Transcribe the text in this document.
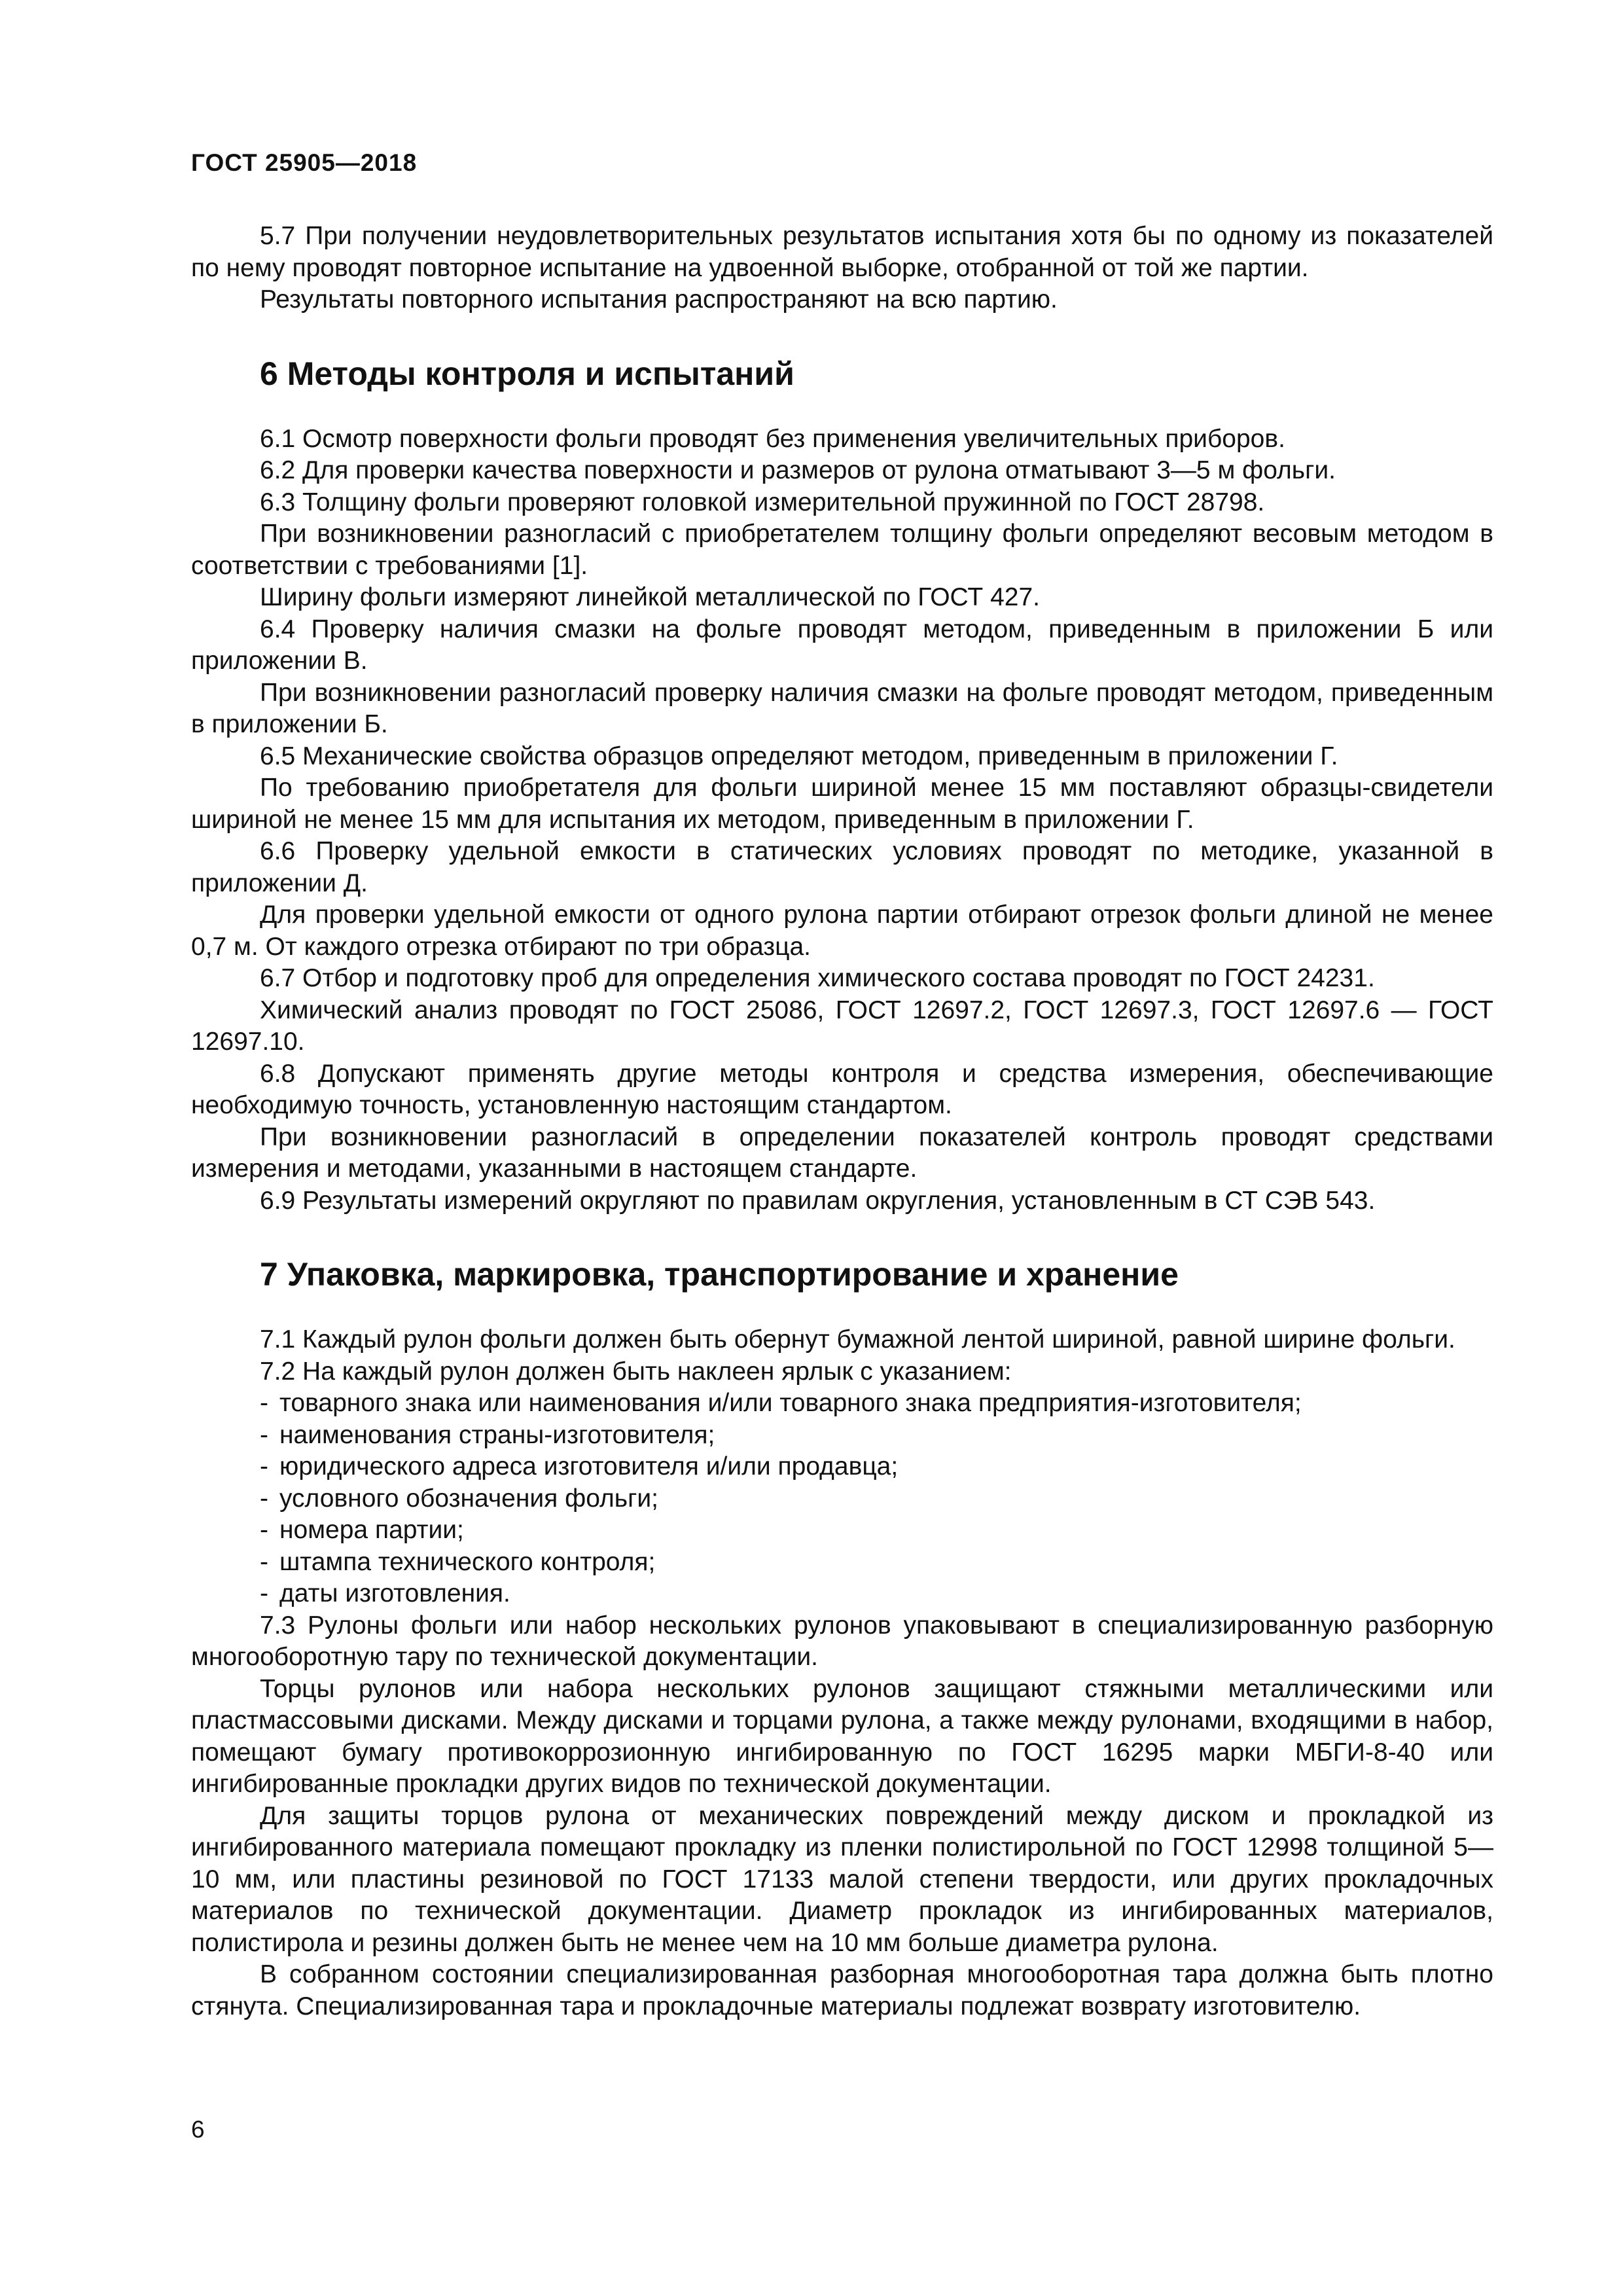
ГОСТ 25905—2018

5.7 При получении неудовлетворительных результатов испытания хотя бы по одному из показателей по нему проводят повторное испытание на удвоенной выборке, отобранной от той же партии.

Результаты повторного испытания распространяют на всю партию.

6 Методы контроля и испытаний

6.1 Осмотр поверхности фольги проводят без применения увеличительных приборов.

6.2 Для проверки качества поверхности и размеров от рулона отматывают 3—5 м фольги.

6.3 Толщину фольги проверяют головкой измерительной пружинной по ГОСТ 28798.

При возникновении разногласий с приобретателем толщину фольги определяют весовым методом в соответствии с требованиями [1].

Ширину фольги измеряют линейкой металлической по ГОСТ 427.

6.4 Проверку наличия смазки на фольге проводят методом, приведенным в приложении Б или приложении В.

При возникновении разногласий проверку наличия смазки на фольге проводят методом, приведенным в приложении Б.

6.5 Механические свойства образцов определяют методом, приведенным в приложении Г.

По требованию приобретателя для фольги шириной менее 15 мм поставляют образцы-свидетели шириной не менее 15 мм для испытания их методом, приведенным в приложении Г.

6.6 Проверку удельной емкости в статических условиях проводят по методике, указанной в приложении Д.

Для проверки удельной емкости от одного рулона партии отбирают отрезок фольги длиной не менее 0,7 м. От каждого отрезка отбирают по три образца.

6.7 Отбор и подготовку проб для определения химического состава проводят по ГОСТ 24231.

Химический анализ проводят по ГОСТ 25086, ГОСТ 12697.2, ГОСТ 12697.3, ГОСТ 12697.6 — ГОСТ 12697.10.

6.8 Допускают применять другие методы контроля и средства измерения, обеспечивающие необходимую точность, установленную настоящим стандартом.

При возникновении разногласий в определении показателей контроль проводят средствами измерения и методами, указанными в настоящем стандарте.

6.9 Результаты измерений округляют по правилам округления, установленным в СТ СЭВ 543.

7 Упаковка, маркировка, транспортирование и хранение

7.1 Каждый рулон фольги должен быть обернут бумажной лентой шириной, равной ширине фольги.

7.2 На каждый рулон должен быть наклеен ярлык с указанием:

- товарного знака или наименования и/или товарного знака предприятия-изготовителя;
- наименования страны-изготовителя;
- юридического адреса изготовителя и/или продавца;
- условного обозначения фольги;
- номера партии;
- штампа технического контроля;
- даты изготовления.

7.3 Рулоны фольги или набор нескольких рулонов упаковывают в специализированную разборную многооборотную тару по технической документации.

Торцы рулонов или набора нескольких рулонов защищают стяжными металлическими или пластмассовыми дисками. Между дисками и торцами рулона, а также между рулонами, входящими в набор, помещают бумагу противокоррозионную ингибированную по ГОСТ 16295 марки МБГИ-8-40 или ингибированные прокладки других видов по технической документации.

Для защиты торцов рулона от механических повреждений между диском и прокладкой из ингибированного материала помещают прокладку из пленки полистирольной по ГОСТ 12998 толщиной 5—10 мм, или пластины резиновой по ГОСТ 17133 малой степени твердости, или других прокладочных материалов по технической документации. Диаметр прокладок из ингибированных материалов, полистирола и резины должен быть не менее чем на 10 мм больше диаметра рулона.

В собранном состоянии специализированная разборная многооборотная тара должна быть плотно стянута. Специализированная тара и прокладочные материалы подлежат возврату изготовителю.

6
